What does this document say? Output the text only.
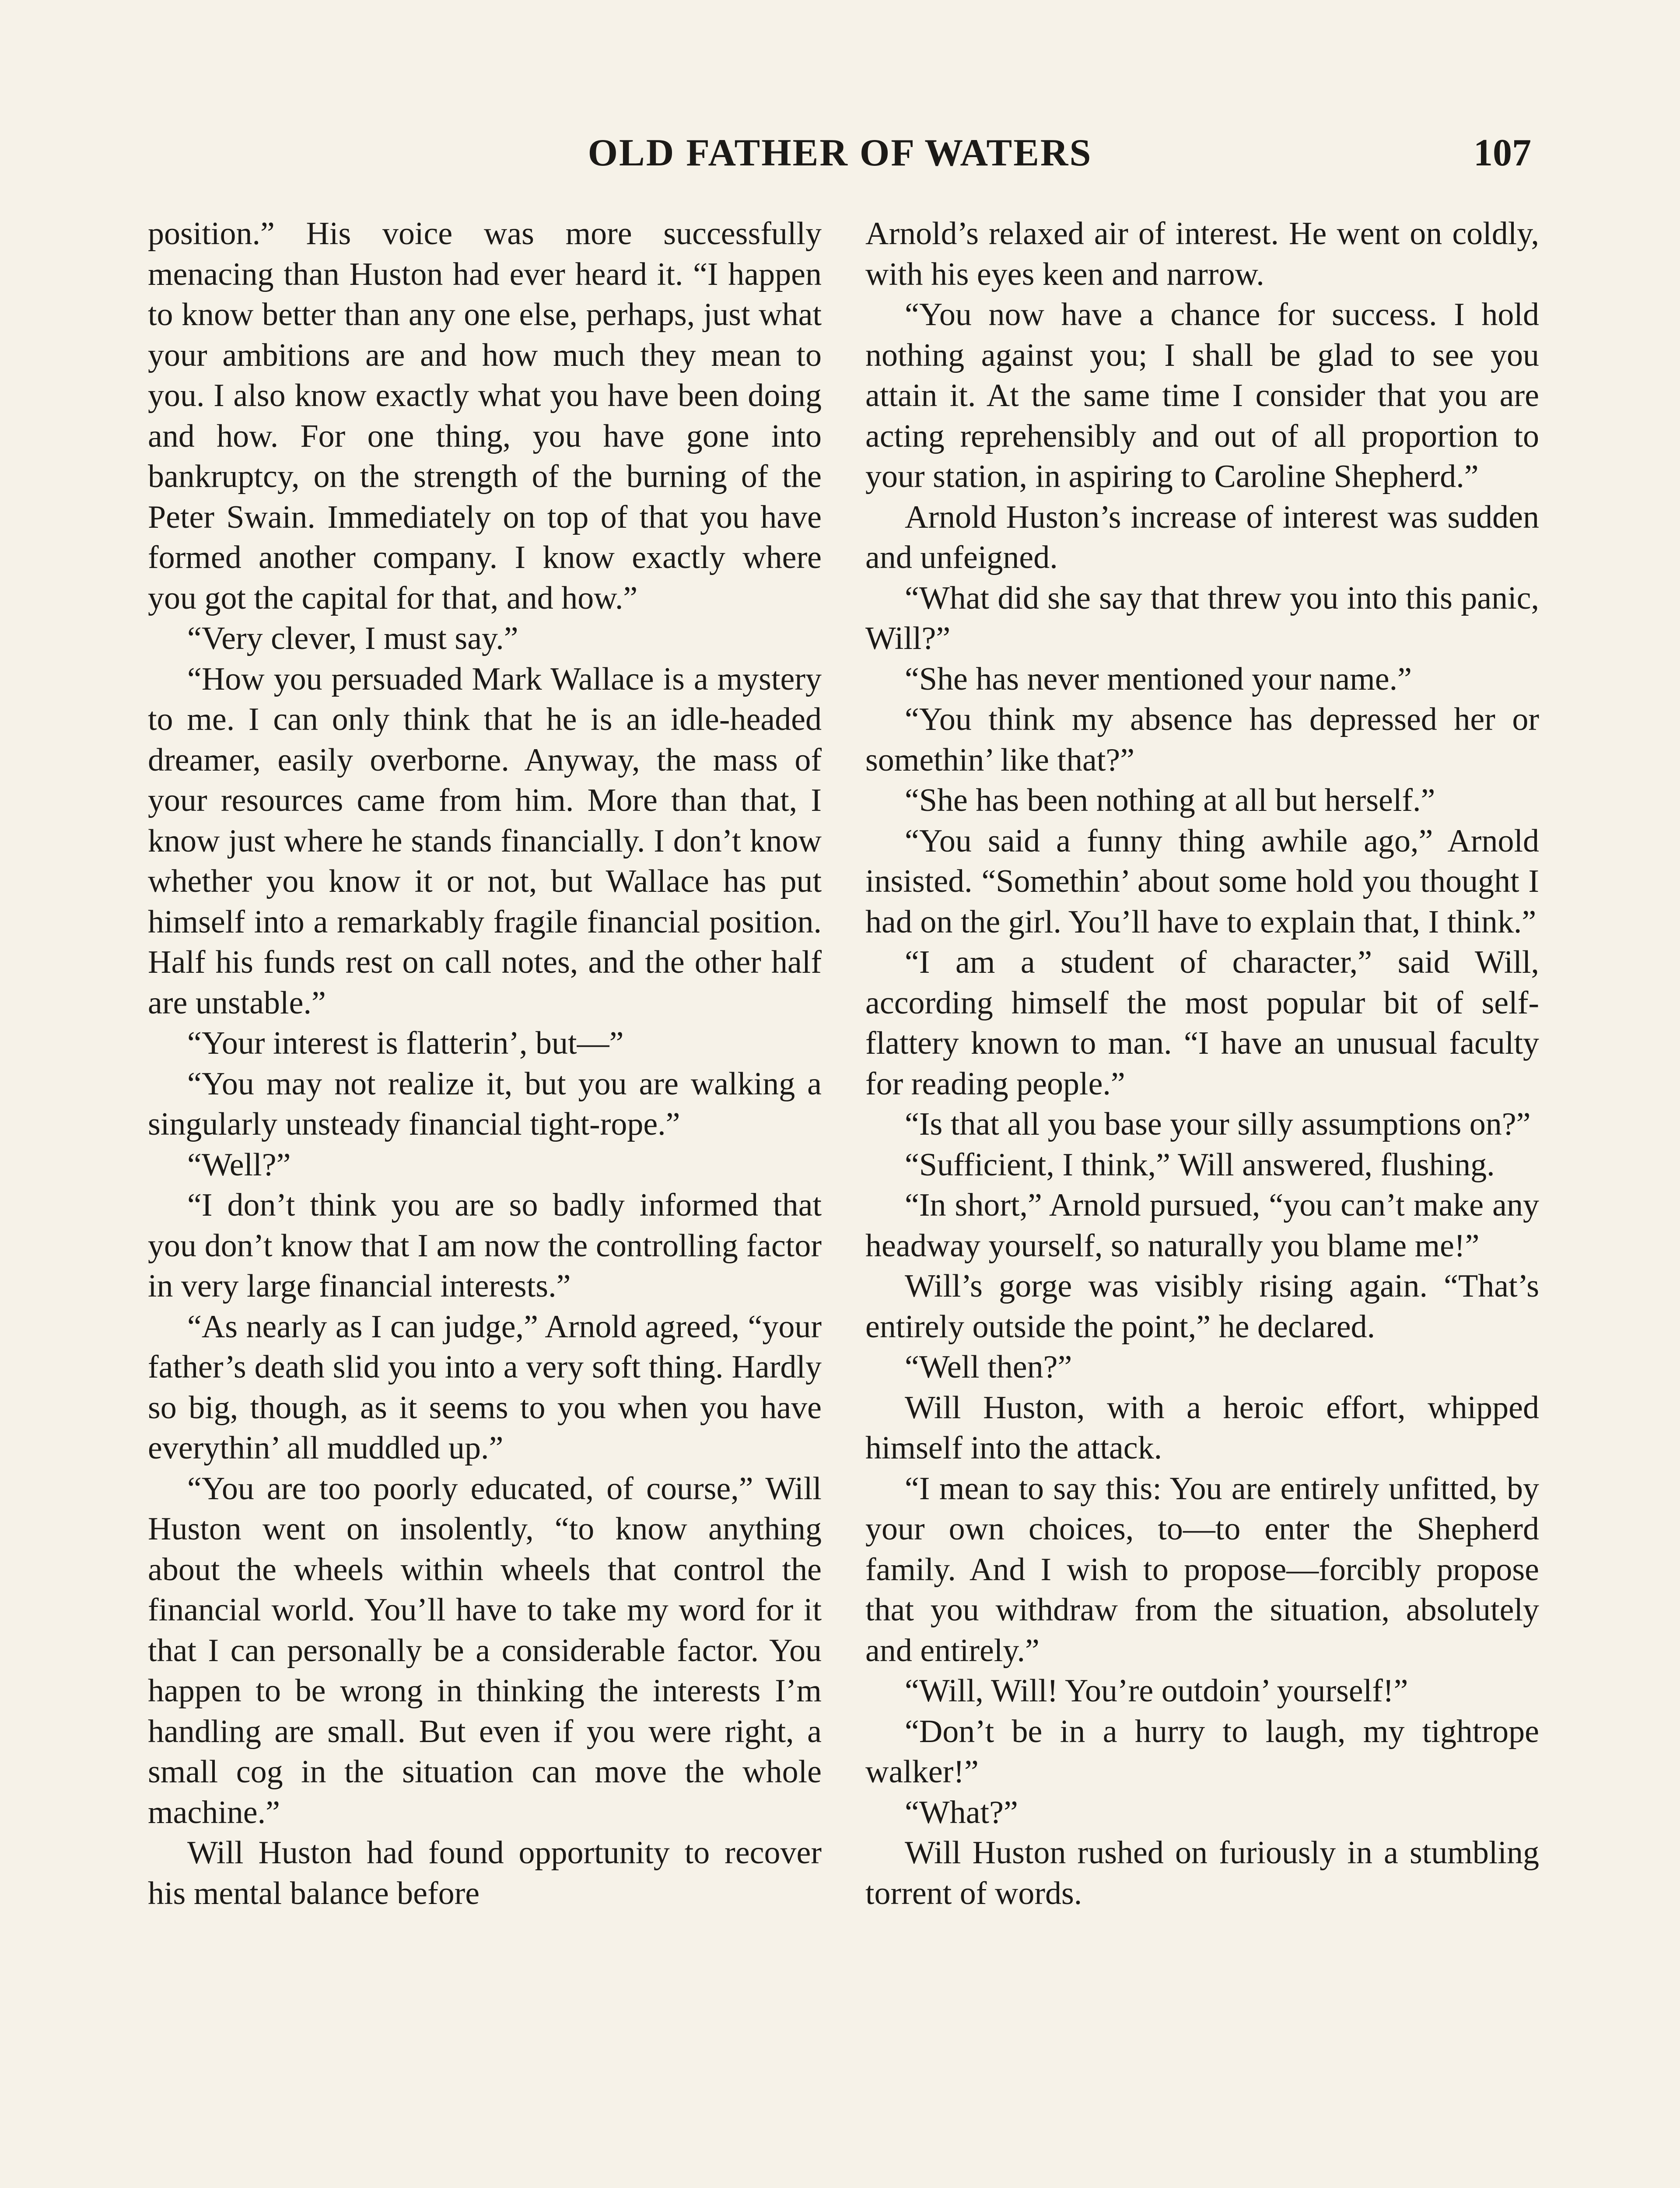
OLD FATHER OF WATERS	107

position.” His voice was more successfully menacing than Huston had ever heard it. “I happen to know better than any one else, perhaps, just what your ambitions are and how much they mean to you. I also know exactly what you have been doing and how. For one thing, you have gone into bankruptcy, on the strength of the burning of the Peter Swain. Immediately on top of that you have formed another company. I know exactly where you got the capital for that, and how.”

“Very clever, I must say.”

“How you persuaded Mark Wallace is a mystery to me. I can only think that he is an idle-headed dreamer, easily overborne. Anyway, the mass of your resources came from him. More than that, I know just where he stands financially. I don’t know whether you know it or not, but Wallace has put himself into a remarkably fragile financial position. Half his funds rest on call notes, and the other half are unstable.”

“Your interest is flatterin’, but—”

“You may not realize it, but you are walking a singularly unsteady financial tight-rope.”

“Well?”

“I don’t think you are so badly informed that you don’t know that I am now the controlling factor in very large financial interests.”

“As nearly as I can judge,” Arnold agreed, “your father’s death slid you into a very soft thing. Hardly so big, though, as it seems to you when you have everythin’ all muddled up.”

“You are too poorly educated, of course,” Will Huston went on insolently, “to know anything about the wheels within wheels that control the financial world. You’ll have to take my word for it that I can personally be a considerable factor. You happen to be wrong in thinking the interests I’m handling are small. But even if you were right, a small cog in the situation can move the whole machine.”

Will Huston had found opportunity to recover his mental balance before

Arnold’s relaxed air of interest. He went on coldly, with his eyes keen and narrow.

“You now have a chance for success. I hold nothing against you; I shall be glad to see you attain it. At the same time I consider that you are acting reprehensibly and out of all proportion to your station, in aspiring to Caroline Shepherd.”

Arnold Huston’s increase of interest was sudden and unfeigned.

“What did she say that threw you into this panic, Will?”

“She has never mentioned your name.”

“You think my absence has depressed her or somethin’ like that?”

“She has been nothing at all but herself.”

“You said a funny thing awhile ago,” Arnold insisted. “Somethin’ about some hold you thought I had on the girl. You’ll have to explain that, I think.”

“I am a student of character,” said Will, according himself the most popular bit of self-flattery known to man. “I have an unusual faculty for reading people.”

“Is that all you base your silly assumptions on?”

“Sufficient, I think,” Will answered, flushing.

“In short,” Arnold pursued, “you can’t make any headway yourself, so naturally you blame me!”

Will’s gorge was visibly rising again. “That’s entirely outside the point,” he declared.

“Well then?”

Will Huston, with a heroic effort, whipped himself into the attack.

“I mean to say this: You are entirely unfitted, by your own choices, to—to enter the Shepherd family. And I wish to propose—forcibly propose that you withdraw from the situation, absolutely and entirely.”

“Will, Will! You’re outdoin’ yourself!”

“Don’t be in a hurry to laugh, my tightrope walker!”

“What?”

Will Huston rushed on furiously in a stumbling torrent of words.
